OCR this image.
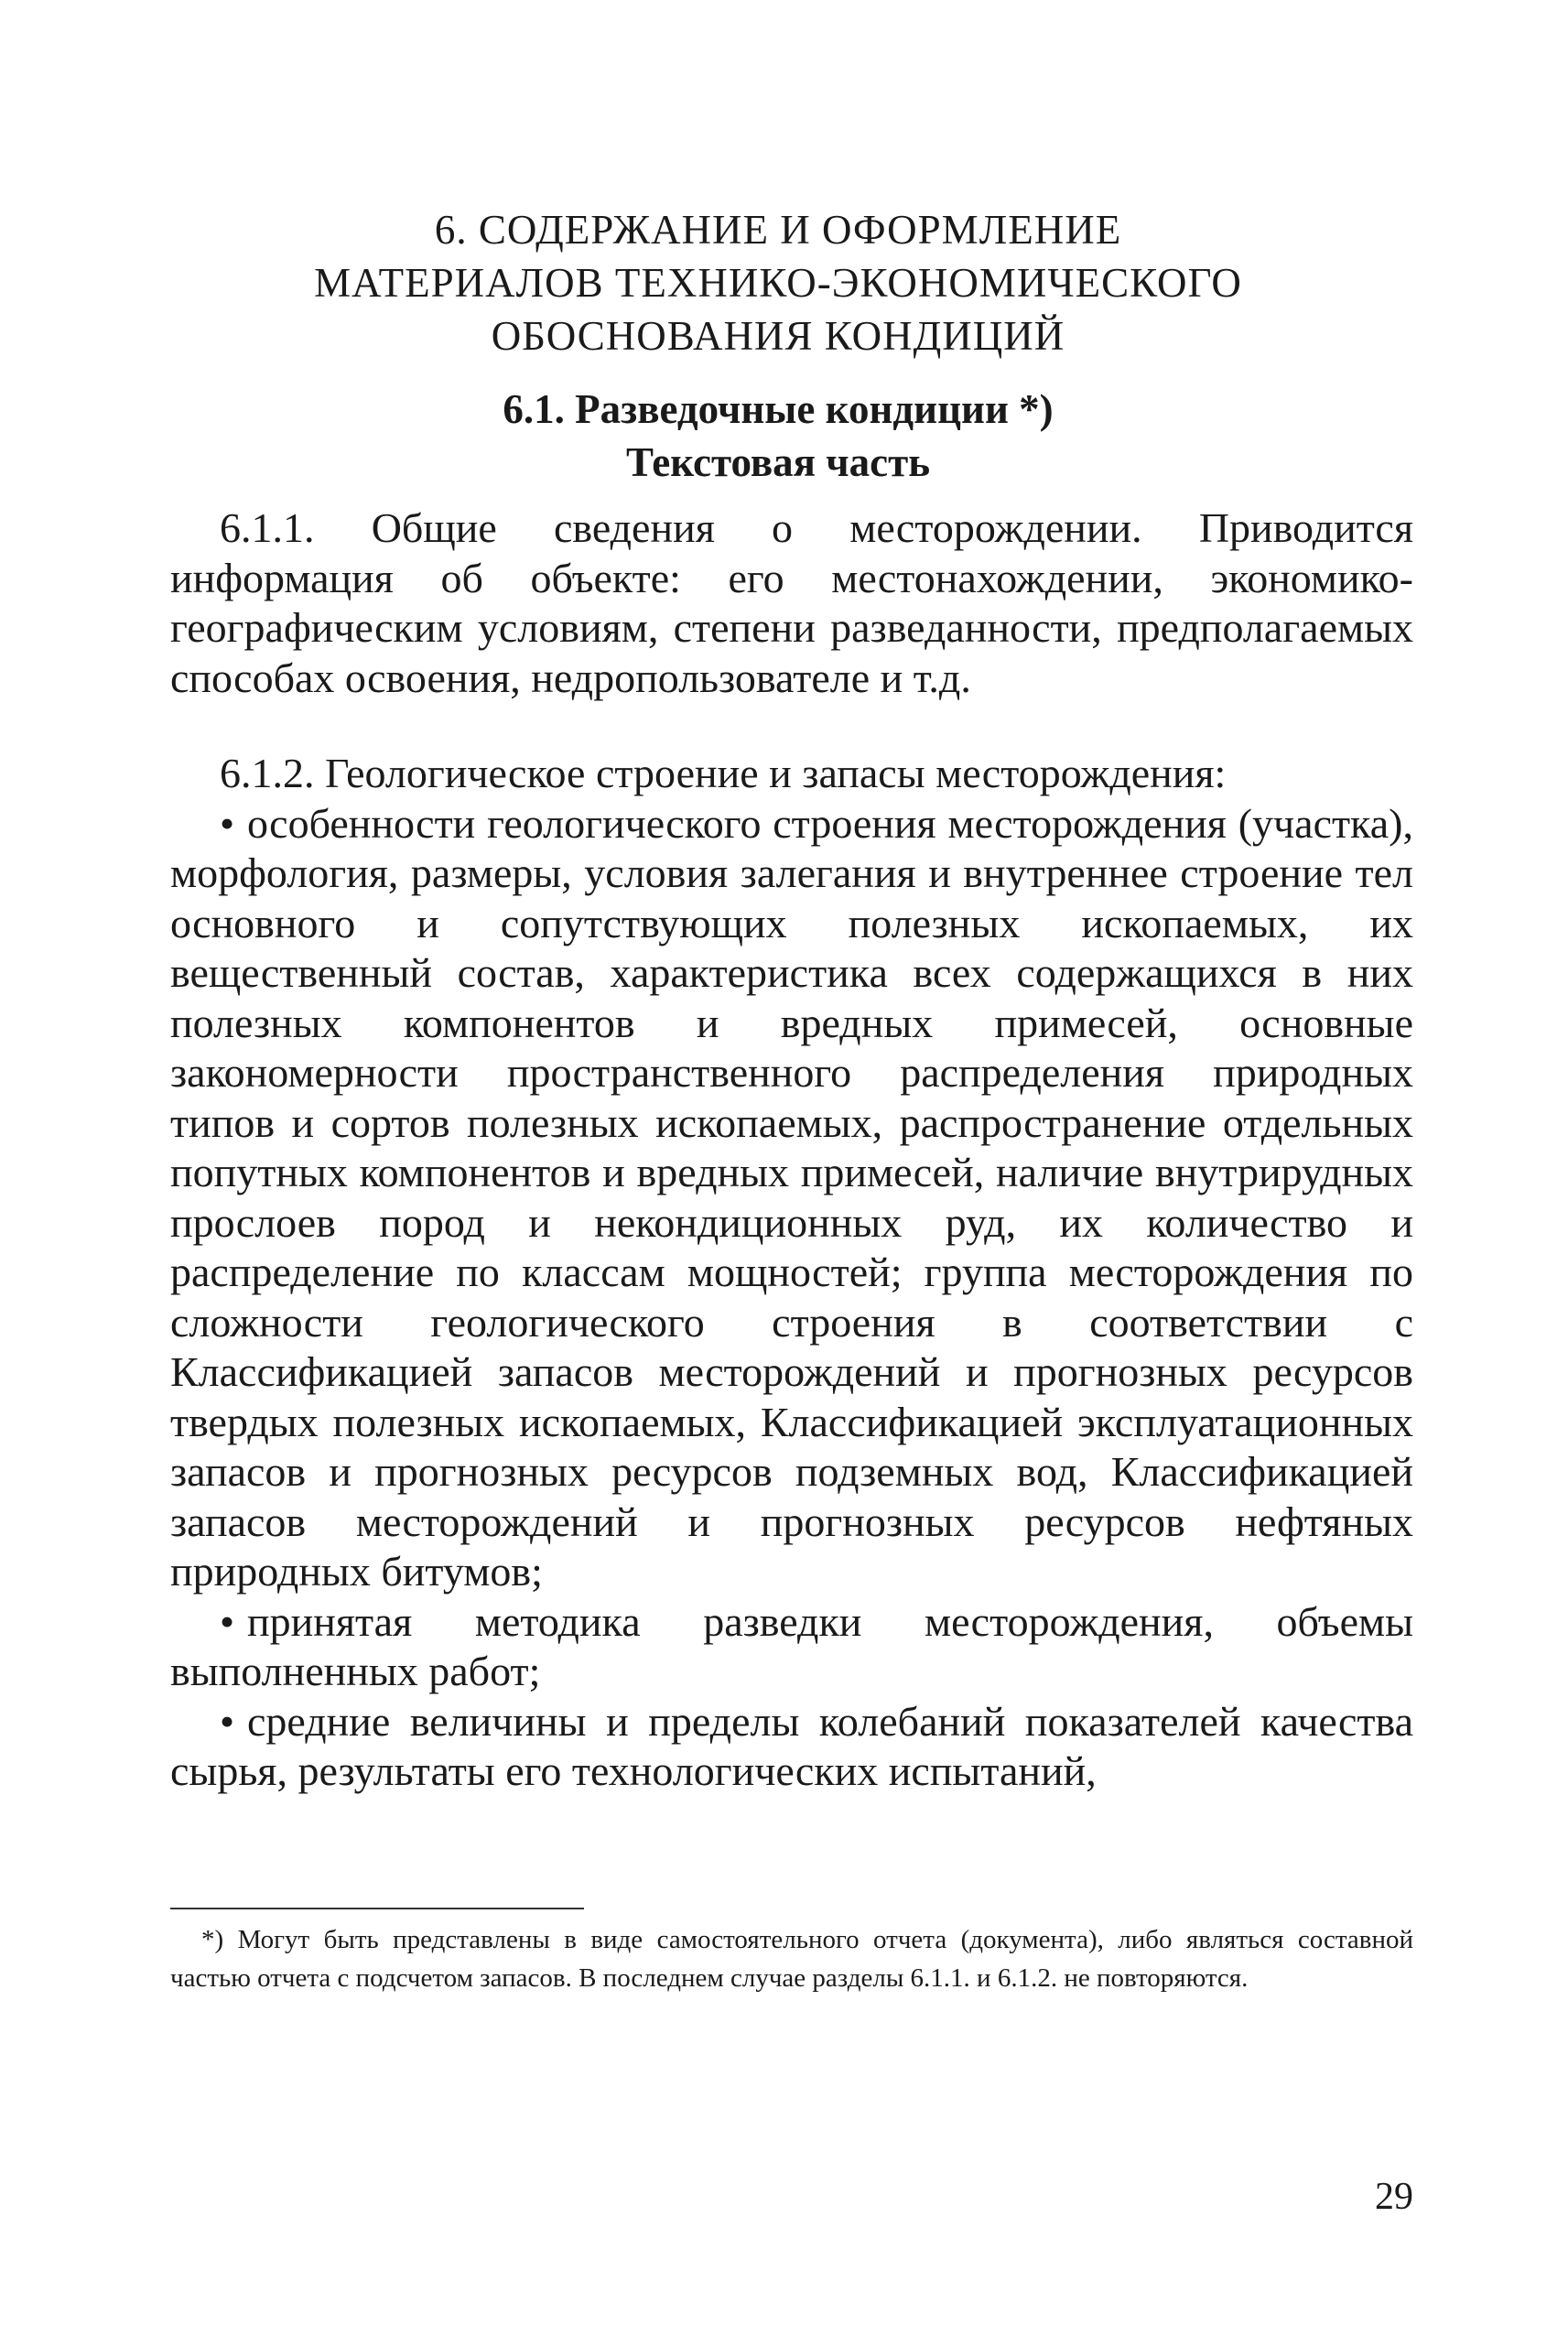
6. СОДЕРЖАНИЕ И ОФОРМЛЕНИЕ
МАТЕРИАЛОВ ТЕХНИКО-ЭКОНОМИЧЕСКОГО
ОБОСНОВАНИЯ КОНДИЦИЙ
6.1. Разведочные кондиции *)
Текстовая часть

6.1.1. Общие сведения о месторождении. Приводится информация об объекте: его местонахождении, экономико-географическим условиям, степени разведанности, предполагаемых способах освоения, недропользователе и т.д.

6.1.2. Геологическое строение и запасы месторождения:

• особенности геологического строения месторождения (участка), морфология, размеры, условия залегания и внутреннее строение тел основного и сопутствующих полезных ископаемых, их вещественный состав, характеристика всех содержащихся в них полезных компонентов и вредных примесей, основные закономерности пространственного распределения природных типов и сортов полезных ископаемых, распространение отдельных попутных компонентов и вредных примесей, наличие внутрирудных прослоев пород и некондиционных руд, их количество и распределение по классам мощностей; группа месторождения по сложности геологического строения в соответствии с Классификацией запасов месторождений и прогнозных ресурсов твердых полезных ископаемых, Классификацией эксплуатационных запасов и прогнозных ресурсов подземных вод, Классификацией запасов месторождений и прогнозных ресурсов нефтяных природных битумов;

• принятая методика разведки месторождения, объемы выполненных работ;

• средние величины и пределы колебаний показателей качества сырья, результаты его технологических испытаний,

*) Могут быть представлены в виде самостоятельного отчета (документа), либо являться составной частью отчета с подсчетом запасов. В последнем случае разделы 6.1.1. и 6.1.2. не повторяются.
29
